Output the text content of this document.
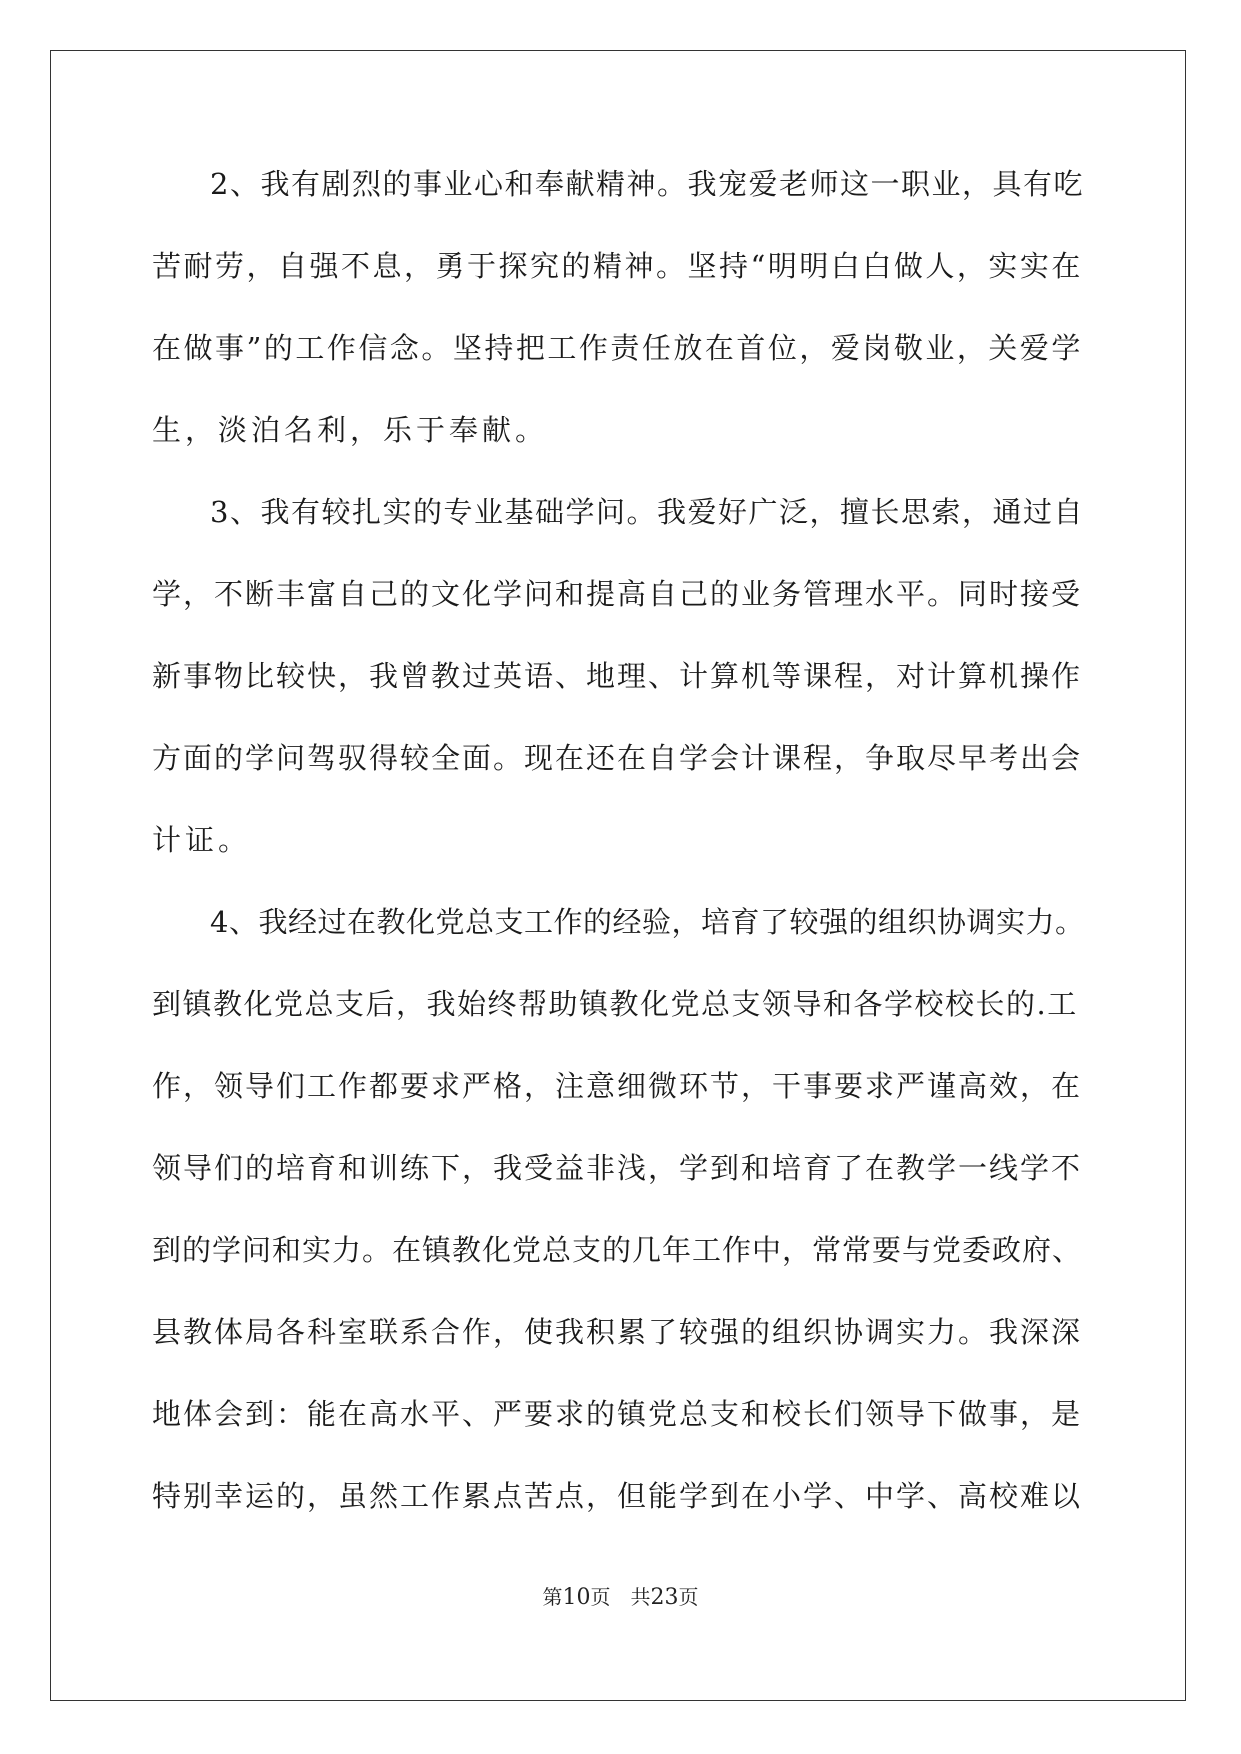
2、我有剧烈的事业心和奉献精神。我宠爱老师这一职业，具有吃
苦耐劳，自强不息，勇于探究的精神。坚持“明明白白做人，实实在
在做事”的工作信念。坚持把工作责任放在首位，爱岗敬业，关爱学
生，淡泊名利，乐于奉献。
3、我有较扎实的专业基础学问。我爱好广泛，擅长思索，通过自
学，不断丰富自己的文化学问和提高自己的业务管理水平。同时接受
新事物比较快，我曾教过英语、地理、计算机等课程，对计算机操作
方面的学问驾驭得较全面。现在还在自学会计课程，争取尽早考出会
计证。
4、我经过在教化党总支工作的经验，培育了较强的组织协调实力。
到镇教化党总支后，我始终帮助镇教化党总支领导和各学校校长的.工
作，领导们工作都要求严格，注意细微环节，干事要求严谨高效，在
领导们的培育和训练下，我受益非浅，学到和培育了在教学一线学不
到的学问和实力。在镇教化党总支的几年工作中，常常要与党委政府、
县教体局各科室联系合作，使我积累了较强的组织协调实力。我深深
地体会到：能在高水平、严要求的镇党总支和校长们领导下做事，是
特别幸运的，虽然工作累点苦点，但能学到在小学、中学、高校难以
第10页　共23页
